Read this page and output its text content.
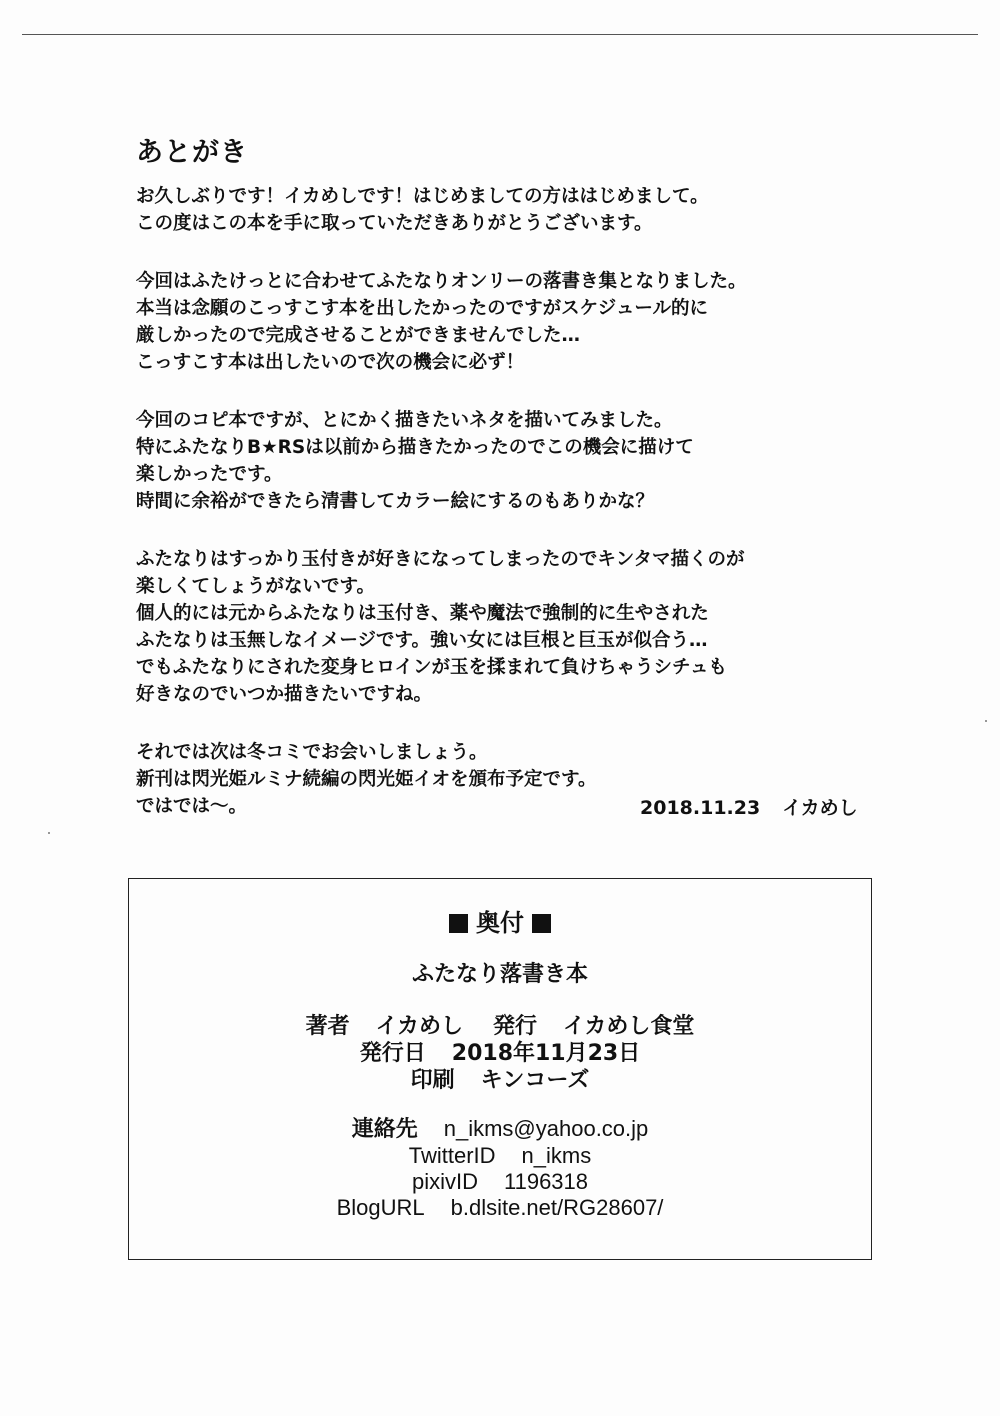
あとがき
お久しぶりです！イカめしです！はじめましての方ははじめまして。
この度はこの本を手に取っていただきありがとうございます。
今回はふたけっとに合わせてふたなりオンリーの落書き集となりました。
本当は念願のこっすこす本を出したかったのですがスケジュール的に
厳しかったので完成させることができませんでした…
こっすこす本は出したいので次の機会に必ず！
今回のコピ本ですが、とにかく描きたいネタを描いてみました。
特にふたなりB★RSは以前から描きたかったのでこの機会に描けて
楽しかったです。
時間に余裕ができたら清書してカラー絵にするのもありかな？
ふたなりはすっかり玉付きが好きになってしまったのでキンタマ描くのが
楽しくてしょうがないです。
個人的には元からふたなりは玉付き、薬や魔法で強制的に生やされた
ふたなりは玉無しなイメージです。強い女には巨根と巨玉が似合う…
でもふたなりにされた変身ヒロインが玉を揉まれて負けちゃうシチュも
好きなのでいつか描きたいですね。
それでは次は冬コミでお会いしましょう。
新刊は閃光姫ルミナ続編の閃光姫イオを頒布予定です。
ではでは〜。	2018.11.23 イカめし
奥付
ふたなり落書き本
著者 イカめし 発行 イカめし食堂
発行日 2018年11月23日
印刷 キンコーズ
連絡先 n_ikms@yahoo.co.jp
TwitterID n_ikms
pixivID 1196318
BlogURL b.dlsite.net/RG28607/
